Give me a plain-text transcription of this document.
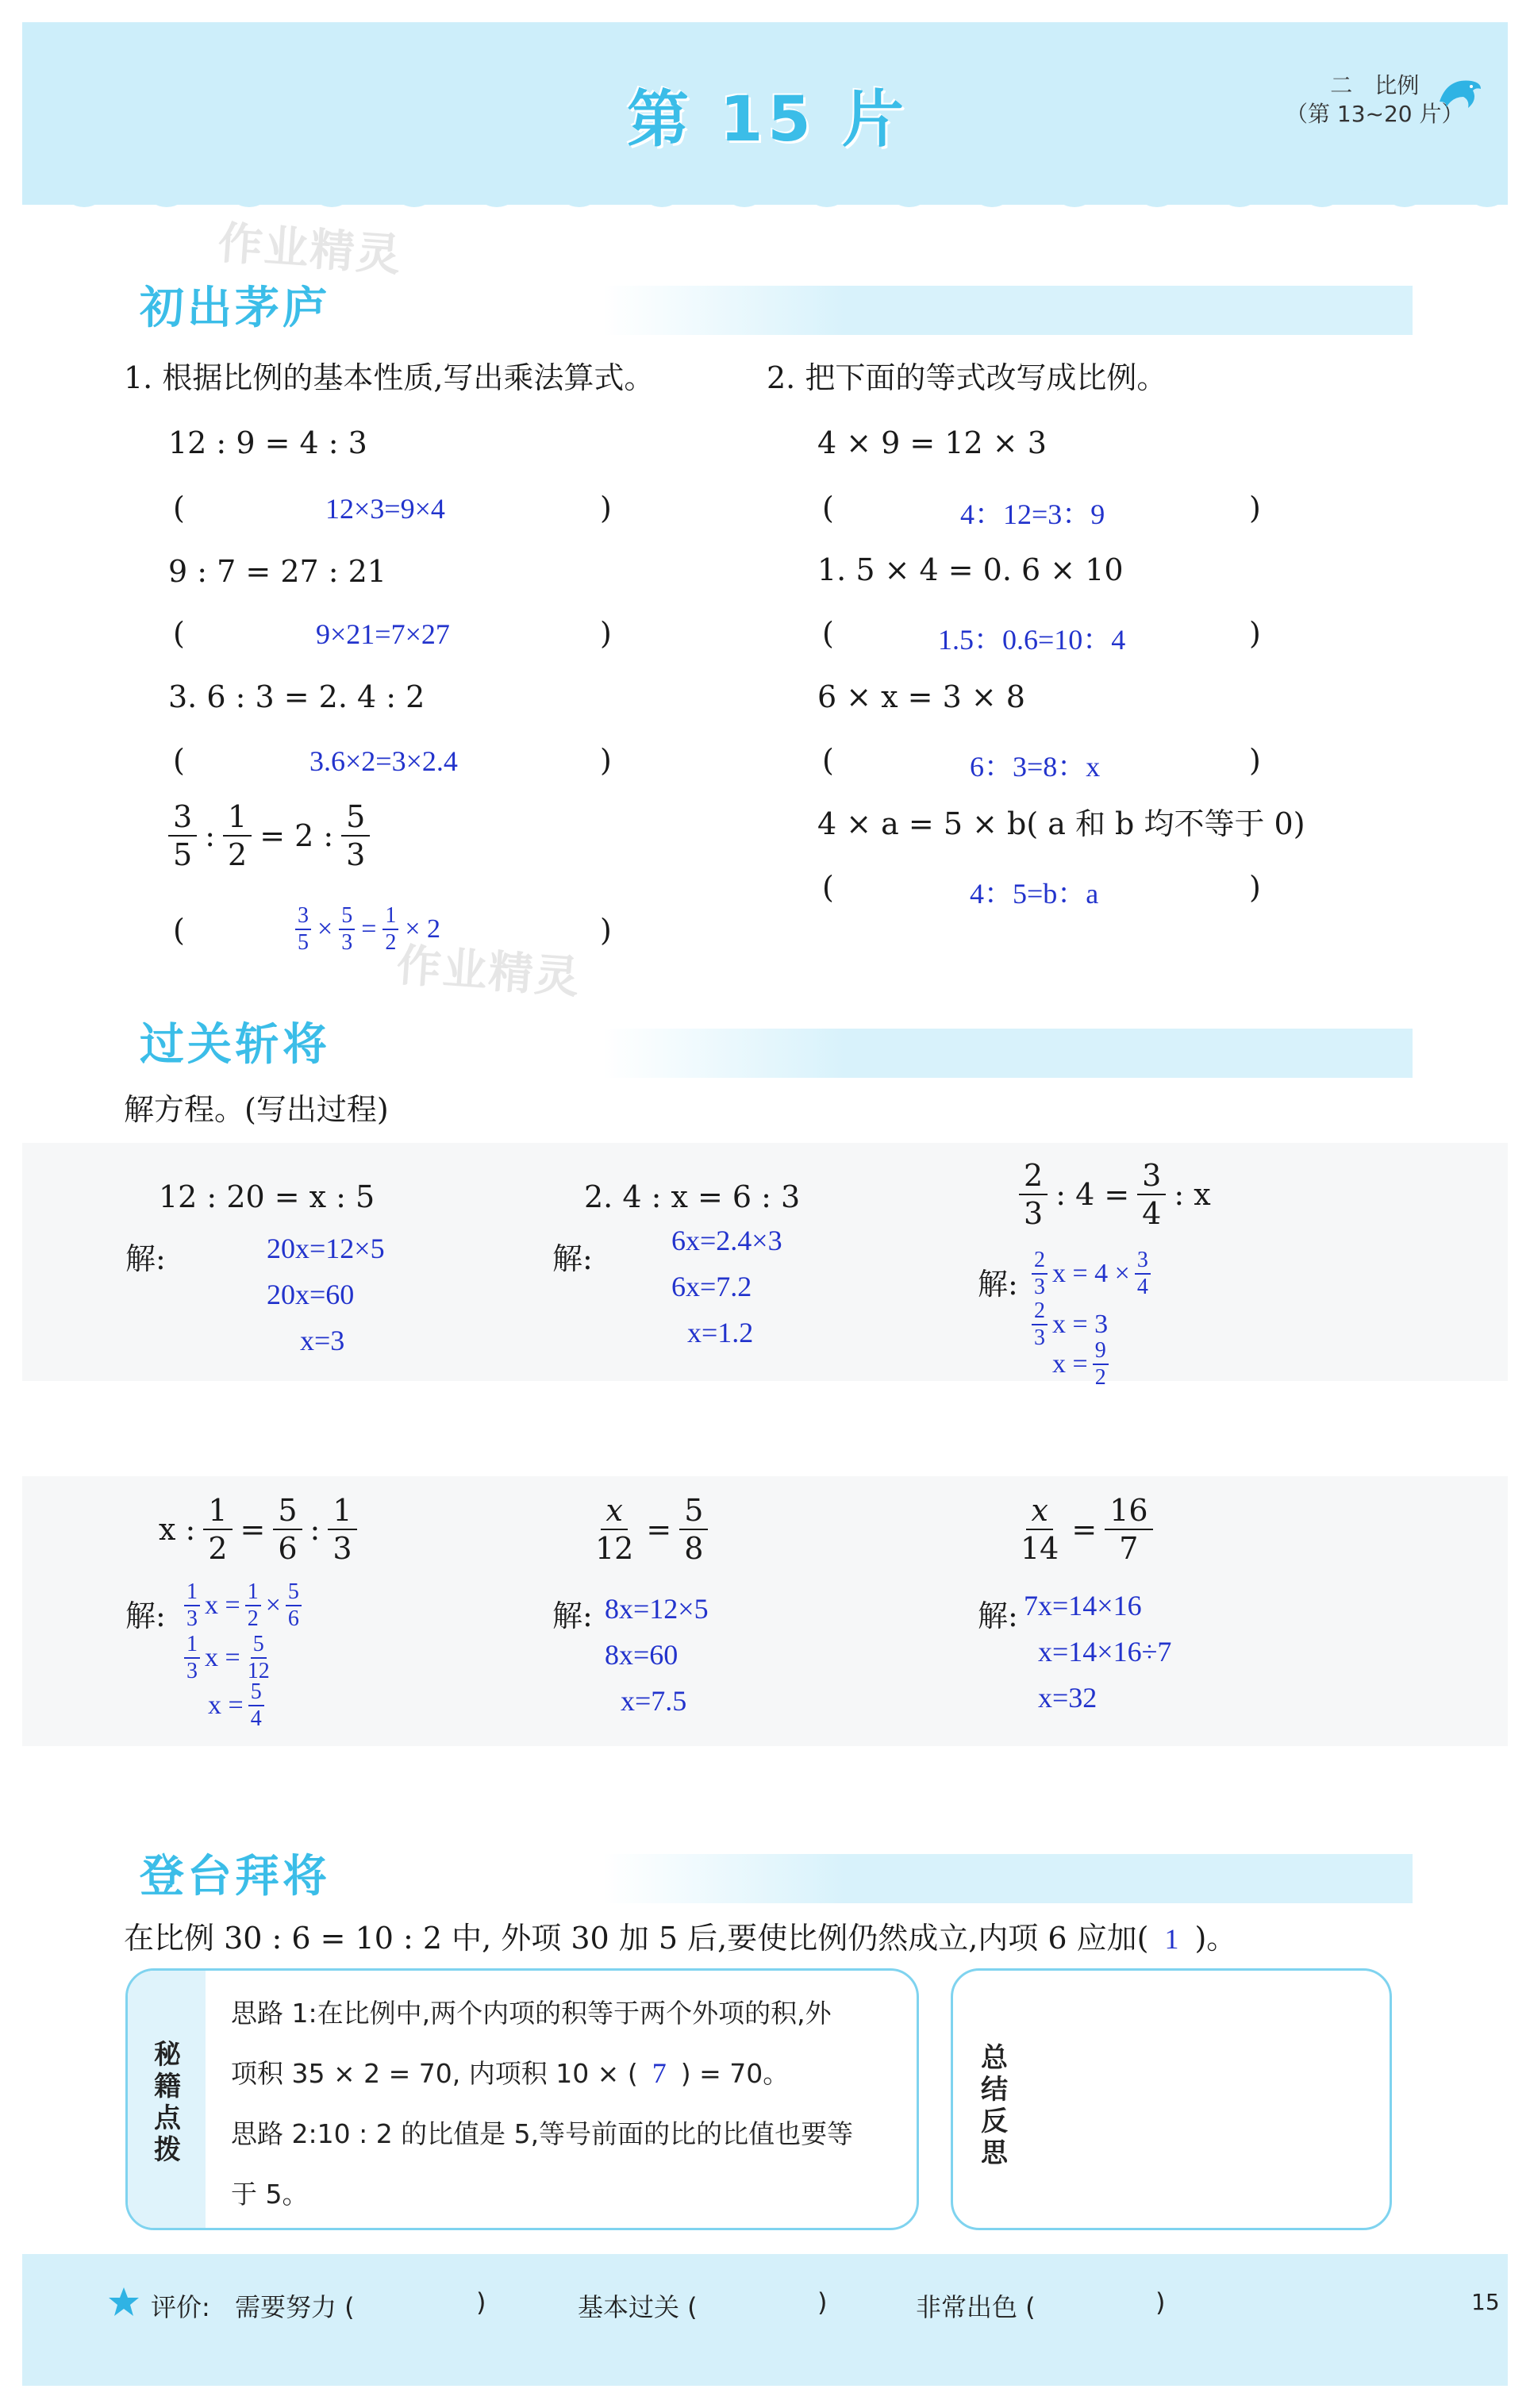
第 15 片	二　比例
（第 13~20 片）
作业精灵
作业精灵
初出茅庐
1. 根据比例的基本性质,写出乘法算式。	2. 把下面的等式改写成比例。
12 : 9 = 4 : 3
(	12×3=9×4	)
9 : 7 = 27 : 21
(	9×21=7×27	)
3. 6 : 3 = 2. 4 : 2
(	3.6×2=3×2.4	)
$\frac{3}{5}$ : $\frac{1}{2} = 2$ : $\frac{5}{3}$
(	$\frac{3}{5} \times \frac{5}{3} = \frac{1}{2} \times 2$	)
4 × 9 = 12 × 3
(	4：12=3：9	)
1. 5 × 4 = 0. 6 × 10
(	1.5：0.6=10：4	)
6 × x = 3 × 8
(	6：3=8：x	)
4 × a = 5 × b( a 和 b 均不等于 0)
(	4：5=b：a	)
过关斩将
解方程。(写出过程)
12 : 20 = x : 5
解:	20x=12×5
20x=60
x=3
2. 4 : x = 6 : 3
解:
6x=2.4×3
6x=7.2
x=1.2
$\frac{2}{3}$ : $4 = \frac{3}{4}$ : x
解: $\frac{2}{3}$ $x = 4 \times \frac{3}{4}$
$\frac{2}{3}$ x = 3
$x = \frac{9}{2}$
x : $\frac{1}{2} = \frac{5}{6}$ : $\frac{1}{3}$
解: $\frac{1}{3}$ $x = \frac{1}{2} \times \frac{5}{6}$
$\frac{1}{3}$ $x = \frac{5}{12}$
$x = \frac{5}{4}$
$\frac{x}{12} = \frac{5}{8}$
解: 8x=12×5
8x=60
x=7.5
$\frac{x}{14} = \frac{16}{7}$
解: 7x=14×16
x=14×16÷7
x=32
登台拜将
在比例 30 : 6 = 10 : 2 中, 外项 30 加 5 后,要使比例仍然成立,内项 6 应加( 1 )。
秘籍点拨
思路 1:在比例中,两个内项的积等于两个外项的积,外
项积 35 × 2 = 70, 内项积 10 × ( 7 ) = 70。
思路 2:10 : 2 的比值是 5,等号前面的比的比值也要等
于 5。
总结反思
评价: 需要努力 (	)	基本过关 (	)	非常出色 (	)	15
